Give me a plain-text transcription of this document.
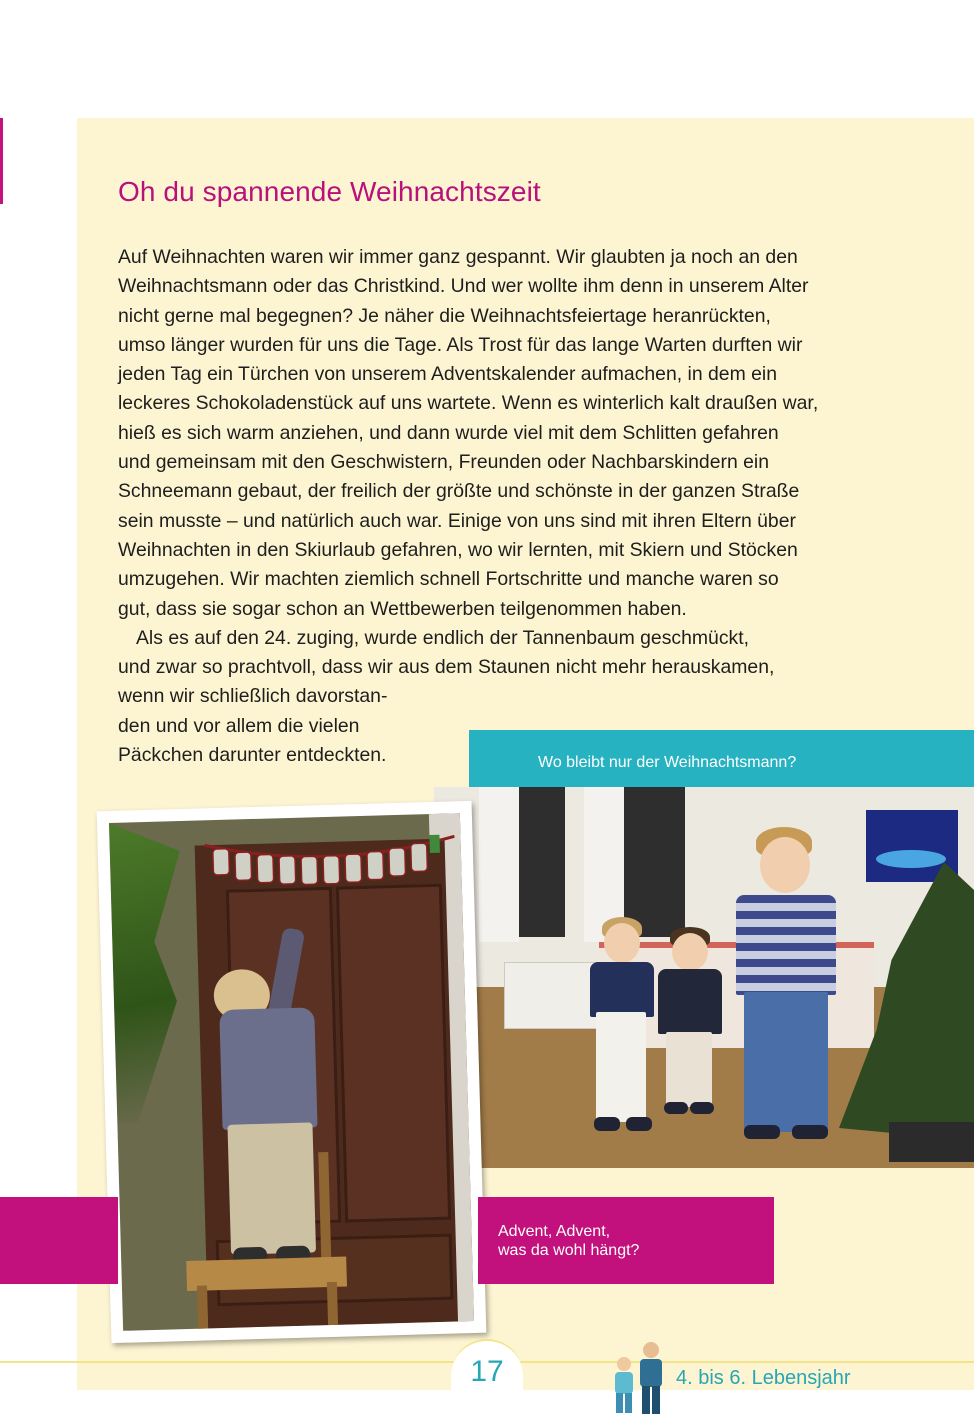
Oh du spannende Weihnachtszeit

Auf Weihnachten waren wir immer ganz gespannt. Wir glaubten ja noch an den
Weihnachtsmann oder das Christkind. Und wer wollte ihm denn in unserem Alter
nicht gerne mal begegnen? Je näher die Weihnachtsfeiertage heranrückten,
umso länger wurden für uns die Tage. Als Trost für das lange Warten durften wir
jeden Tag ein Türchen von unserem Adventskalender aufmachen, in dem ein
leckeres Schokoladenstück auf uns wartete. Wenn es winterlich kalt draußen war,
hieß es sich warm anziehen, und dann wurde viel mit dem Schlitten gefahren
und gemeinsam mit den Geschwistern, Freunden oder Nachbarskindern ein
Schneemann gebaut, der freilich der größte und schönste in der ganzen Straße
sein musste – und natürlich auch war. Einige von uns sind mit ihren Eltern über
Weihnachten in den Skiurlaub gefahren, wo wir lernten, mit Skiern und Stöcken
umzugehen. Wir machten ziemlich schnell Fortschritte und manche waren so
gut, dass sie sogar schon an Wettbewerben teilgenommen haben.

Als es auf den 24. zuging, wurde endlich der Tannenbaum geschmückt,
und zwar so prachtvoll, dass wir aus dem Staunen nicht mehr herauskamen,
wenn wir schließlich davorstan-
den und vor allem die vielen
Päckchen darunter entdeckten.	Wo bleibt nur der Weihnachtsmann?
Advent, Advent,
was da wohl hängt?
17	4. bis 6. Lebensjahr
